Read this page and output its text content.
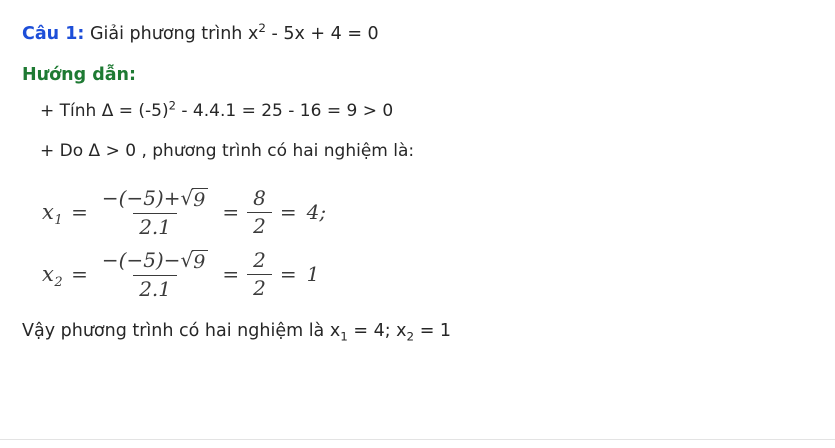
Câu 1: Giải phương trình $x^2 - 5x + 4 = 0$
Hướng dẫn:
+ Tính $\Delta = (-5)^2 - 4.4.1 = 25 - 16 = 9 > 0$
+ Do Δ > 0 , phương trình có hai nghiệm là:
$x_1 = \frac{-(-5)+ √ 9}{2.1} = \frac{8}{2} = 4$;
$x_2 = \frac{-(-5)- √ 9}{2.1} = \frac{2}{2} = 1$
Vậy phương trình có hai nghiệm là $x_1 = 4$; $x_2 = 1$
